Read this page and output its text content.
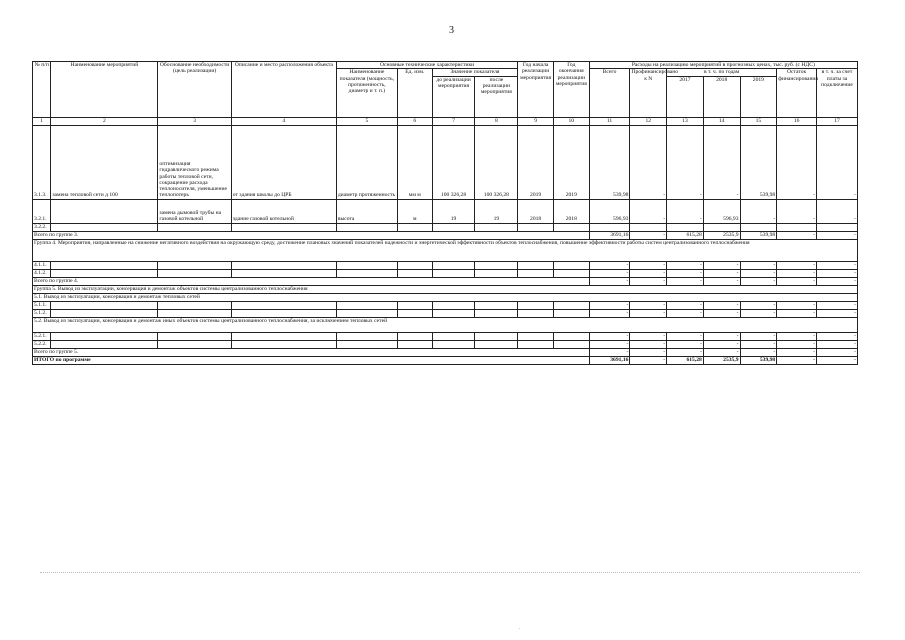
3
№ п/п	Наименование мероприятий	Обоснование необходимости (цель реализации)	Описание и место расположения объекта	Основные технические характеристики				Год начала реализации мероприятия	Год окончания реализации мероприятия	Расходы на реализацию мероприятий в прогнозных ценах, тыс. руб. (с НДС)						
				Наименование показателя (мощность, протяженность, диаметр и т. п.)	Ед. изм.	Значение показателя				Всего	Профинансировано к N	в т. ч. по годам			Остаток финансирования	в т. ч. за счет платы за подключение
						до реализации мероприятия	после реализации мероприятия					2017	2018	2019		
1	2	3	4	5	6	7	8	9	10	11	12	13	14	15	16	17
3.1.3.	замена тепловой сети д 100	оптимизация гидравлического режима работы тепловой сети, сокращение расхода теплоносителя, уменьшение теплопотерь	от здания школы до ЦРБ	диаметр протяженность	мм м	100 326,28	100 326,28	2019	2019	539,98	-	-	-	539,98	-	-
3.2.1.		замена дымовой трубы на газовой котельной	здание газовой котельной	высота	м	19	19	2018	2018	596,93	-	-	596,93	-	-	-
3.2.2.																
Всего по группе 3.										3691,16	-	615,28	2535,9	539,98	-	-
Группа 4. Мероприятия, направленные на снижение негативного воздействия на окружающую среду, достижение плановых значений показателей надежности и энергетической эффективности объектов теплоснабжения, повышение эффективности работы систем централизованного теплоснабжения																
4.1.1.										-	-	-	-	-	-	-
4.1.2.										-	-	-	-	-	-	-
Всего по группе 4.										-	-	-	-	-	-	-
Группа 5. Вывод из эксплуатации, консервация и демонтаж объектов системы централизованного теплоснабжения																
5.1. Вывод из эксплуатации, консервация и демонтаж тепловых сетей																
5.1.1.										-	-	-	-	-	-	-
5.1.2.										-	-	-	-	-	-	-
5.2. Вывод из эксплуатации, консервация и демонтаж иных объектов системы централизованного теплоснабжения, за исключением тепловых сетей																
5.2.1.										-	-	-	-	-	-	-
5.2.2.										-	-	-	-	-	-	-
Всего по группе 5.										-	-	-	-	-	-	-
ИТОГО по программе										3691,16	-	615,28	2535,9	539,98	-	-
.
